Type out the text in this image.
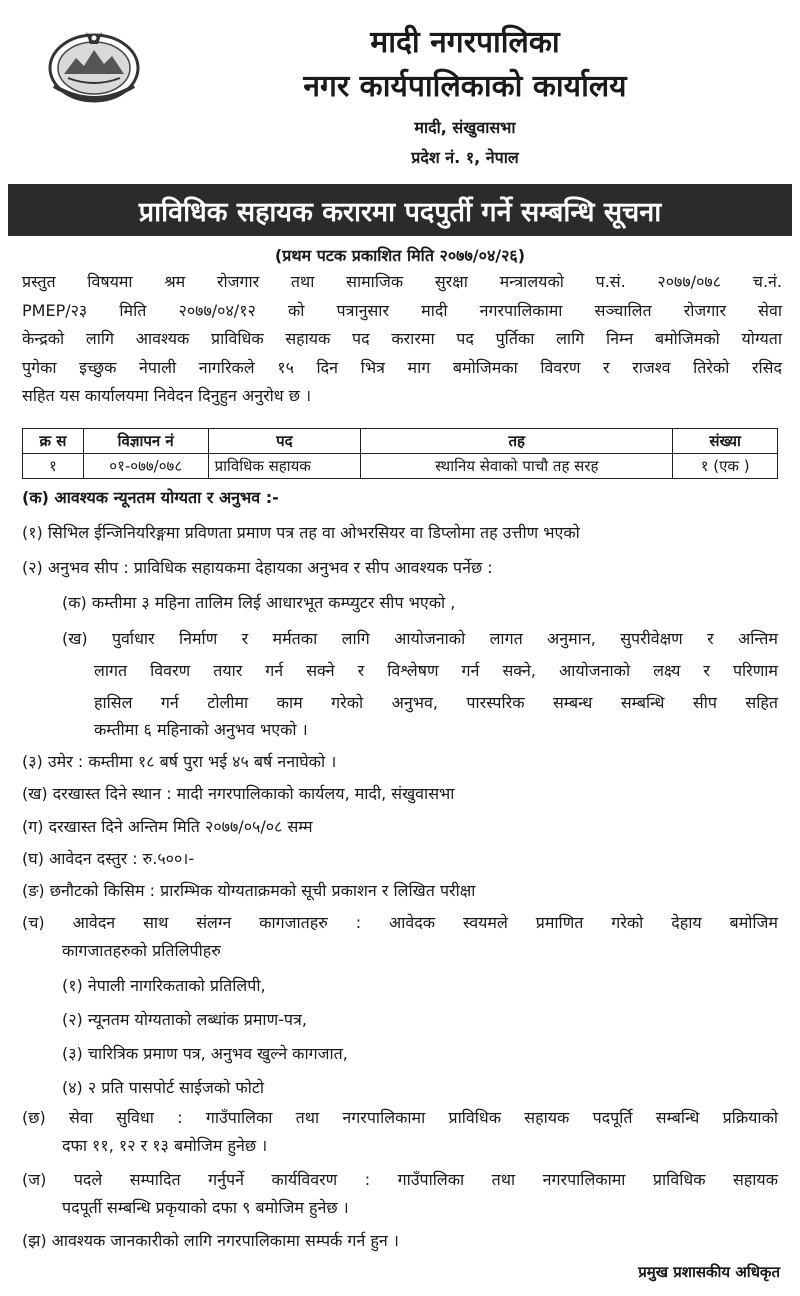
मादी नगरपालिका
नगर कार्यपालिकाको कार्यालय
मादी, संखुवासभा
प्रदेश नं. १, नेपाल
प्राविधिक सहायक करारमा पदपुर्ती गर्ने सम्बन्धि सूचना
(प्रथम पटक प्रकाशित मिति २०७७/०४/२६)
प्रस्तुत विषयमा श्रम रोजगार तथा सामाजिक सुरक्षा मन्त्रालयको प.सं. २०७७/०७८ च.नं.
PMEP/२३ मिति २०७७/०४/१२ को पत्रानुसार मादी नगरपालिकामा सञ्चालित रोजगार सेवा
केन्द्रको लागि आवश्यक प्राविधिक सहायक पद करारमा पद पुर्तिका लागि निम्न बमोजिमको योग्यता
पुगेका इच्छुक नेपाली नागरिकले १५ दिन भित्र माग बमोजिमका विवरण र राजश्व तिरेको रसिद
सहित यस कार्यालयमा निवेदन दिनुहुन अनुरोध छ ।
क्र स	विज्ञापन नं	पद	तह	संख्या
१	०१-०७७/०७८	प्राविधिक सहायक	स्थानिय सेवाको पाचौ तह सरह	१ (एक )
(क) आवश्यक न्यूनतम योग्यता र अनुभव :-
(१) सिभिल ईन्जिनियरिङ्गमा प्रविणता प्रमाण पत्र तह वा ओभरसियर वा डिप्लोमा तह उत्तीण भएको
(२) अनुभव सीप : प्राविधिक सहायकमा देहायका अनुभव र सीप आवश्यक पर्नेछ :
(क) कम्तीमा ३ महिना तालिम लिई आधारभूत कम्प्युटर सीप भएको ,
(ख) पुर्वाधार निर्माण र मर्मतका लागि आयोजनाको लागत अनुमान, सुपरीवेक्षण र अन्तिम
लागत विवरण तयार गर्न सक्ने र विश्लेषण गर्न सक्ने, आयोजनाको लक्ष्य र परिणाम
हासिल गर्न टोलीमा काम गरेको अनुभव, पारस्परिक सम्बन्ध सम्बन्धि सीप सहित
कम्तीमा ६ महिनाको अनुभव भएको ।
(३) उमेर : कम्तीमा १८ बर्ष पुरा भई ४५ बर्ष ननाघेको ।
(ख) दरखास्त दिने स्थान : मादी नगरपालिकाको कार्यलय, मादी, संखुवासभा
(ग) दरखास्त दिने अन्तिम मिति २०७७/०५/०८ सम्म
(घ) आवेदन दस्तुर : रु.५००।-
(ङ) छनौटको किसिम : प्रारम्भिक योग्यताक्रमको सूची प्रकाशन र लिखित परीक्षा
(च) आवेदन साथ संलग्न कागजातहरु : आवेदक स्वयमले प्रमाणित गरेको देहाय बमोजिम
कागजातहरुको प्रतिलिपीहरु
(१) नेपाली नागरिकताको प्रतिलिपी,
(२) न्यूनतम योग्यताको लब्धांक प्रमाण-पत्र,
(३) चारित्रिक प्रमाण पत्र, अनुभव खुल्ने कागजात,
(४) २ प्रति पासपोर्ट साईजको फोटो
(छ) सेवा सुविधा : गाउँपालिका तथा नगरपालिकामा प्राविधिक सहायक पदपूर्ति सम्बन्धि प्रक्रियाको
दफा ११, १२ र १३ बमोजिम हुनेछ ।
(ज) पदले सम्पादित गर्नुपर्ने कार्यविवरण : गाउँपालिका तथा नगरपालिकामा प्राविधिक सहायक
पदपूर्ती सम्बन्धि प्रकृयाको दफा ९ बमोजिम हुनेछ ।
(झ) आवश्यक जानकारीको लागि नगरपालिकामा सम्पर्क गर्न हुन ।
प्रमुख प्रशासकीय अधिकृत
